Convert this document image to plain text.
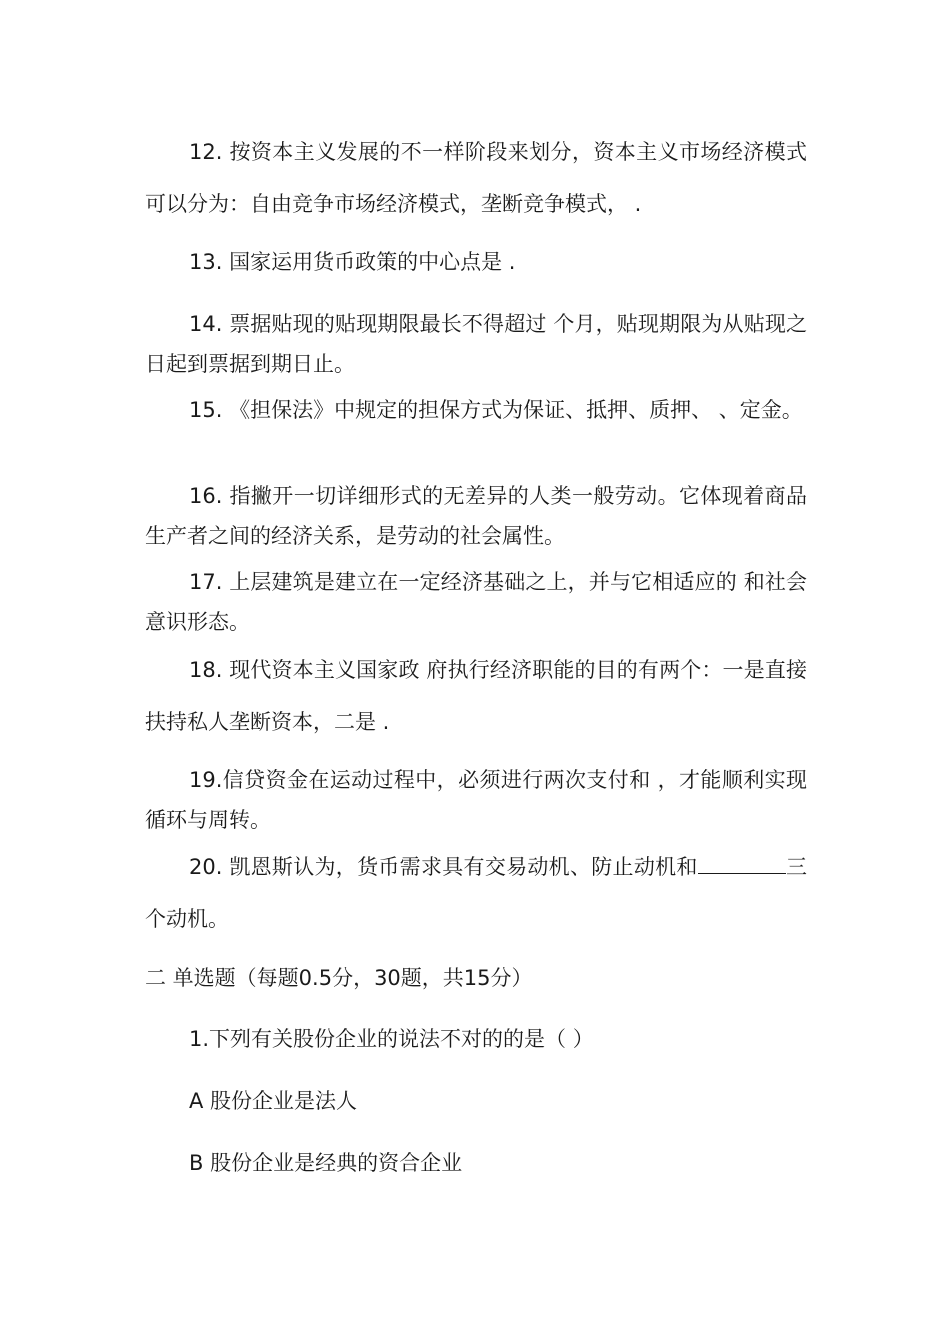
12. 按资本主义发展的不一样阶段来划分，资本主义市场经济模式可以分为：自由竞争市场经济模式，垄断竞争模式， .

13. 国家运用货币政策的中心点是 .

14. 票据贴现的贴现期限最长不得超过 个月，贴现期限为从贴现之日起到票据到期日止。

15. 《担保法》中规定的担保方式为保证、抵押、质押、 、定金。

16. 指撇开一切详细形式的无差异的人类一般劳动。它体现着商品生产者之间的经济关系，是劳动的社会属性。

17. 上层建筑是建立在一定经济基础之上，并与它相适应的 和社会意识形态。

18. 现代资本主义国家政 府执行经济职能的目的有两个：一是直接扶持私人垄断资本，二是 .

19.信贷资金在运动过程中，必须进行两次支付和 ，才能顺利实现循环与周转。

20. 凯恩斯认为，货币需求具有交易动机、防止动机和	三个动机。

二 单选题（每题0.5分，30题，共15分）

1.下列有关股份企业的说法不对的的是（ ）

A 股份企业是法人

B 股份企业是经典的资合企业
